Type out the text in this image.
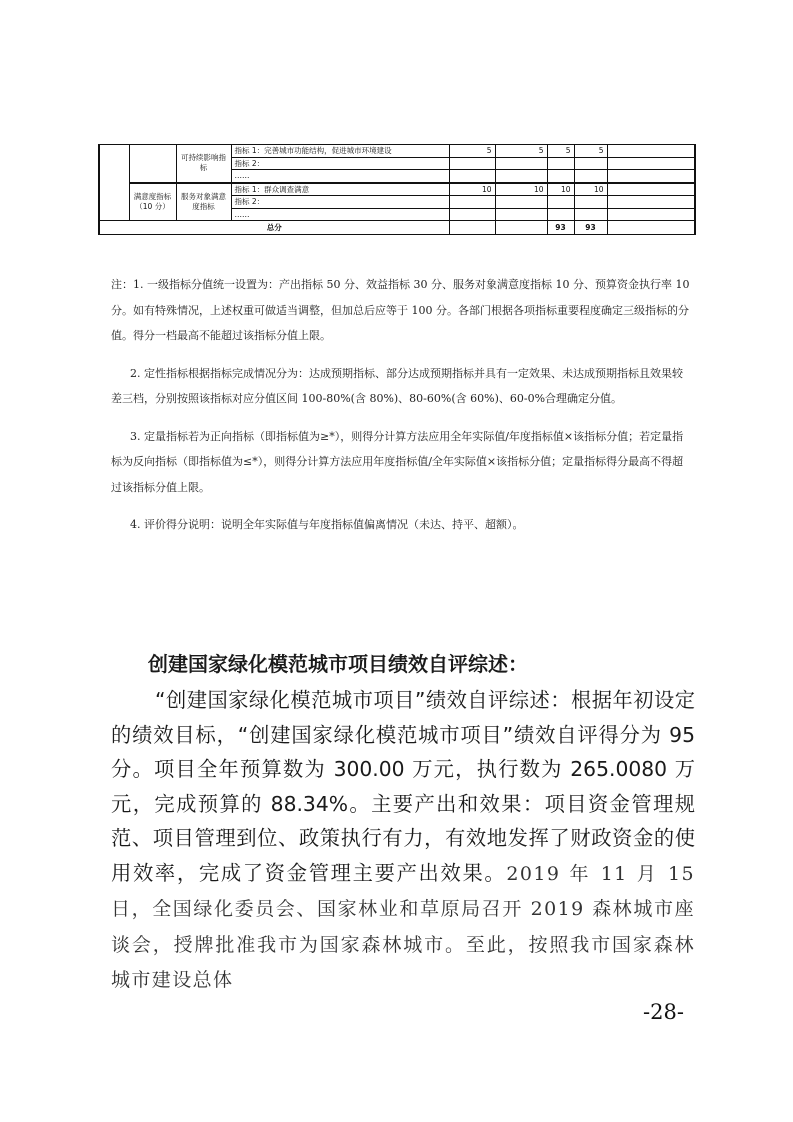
		可持续影响指标	指标 1：完善城市功能结构，促进城市环境建设	5	5	5	5	
			指标 2：					
			……					
	满意度指标（10 分）	服务对象满意度指标	指标 1：群众调查满意	10	10	10	10	
			指标 2：					
			……					
总分						93	93	

注：1. 一级指标分值统一设置为：产出指标 50 分、效益指标 30 分、服务对象满意度指标 10 分、预算资金执行率 10 分。如有特殊情况，上述权重可做适当调整，但加总后应等于 100 分。各部门根据各项指标重要程度确定三级指标的分值。得分一档最高不能超过该指标分值上限。

2. 定性指标根据指标完成情况分为：达成预期指标、部分达成预期指标并具有一定效果、未达成预期指标且效果较差三档，分别按照该指标对应分值区间 100-80%(含 80%)、80-60%(含 60%)、60-0%合理确定分值。

3. 定量指标若为正向指标（即指标值为≥*），则得分计算方法应用全年实际值/年度指标值×该指标分值；若定量指标为反向指标（即指标值为≤*），则得分计算方法应用年度指标值/全年实际值×该指标分值；定量指标得分最高不得超过该指标分值上限。

4. 评价得分说明：说明全年实际值与年度指标值偏离情况（未达、持平、超额）。

创建国家绿化模范城市项目绩效自评综述：

“创建国家绿化模范城市项目”绩效自评综述：根据年初设定的绩效目标，“创建国家绿化模范城市项目”绩效自评得分为 95 分。项目全年预算数为 300.00 万元，执行数为 265.0080 万元，完成预算的 88.34%。主要产出和效果：项目资金管理规范、项目管理到位、政策执行有力，有效地发挥了财政资金的使用效率，完成了资金管理主要产出效果。2019 年 11 月 15 日，全国绿化委员会、国家林业和草原局召开 2019 森林城市座谈会，授牌批准我市为国家森林城市。至此，按照我市国家森林城市建设总体

-28-
